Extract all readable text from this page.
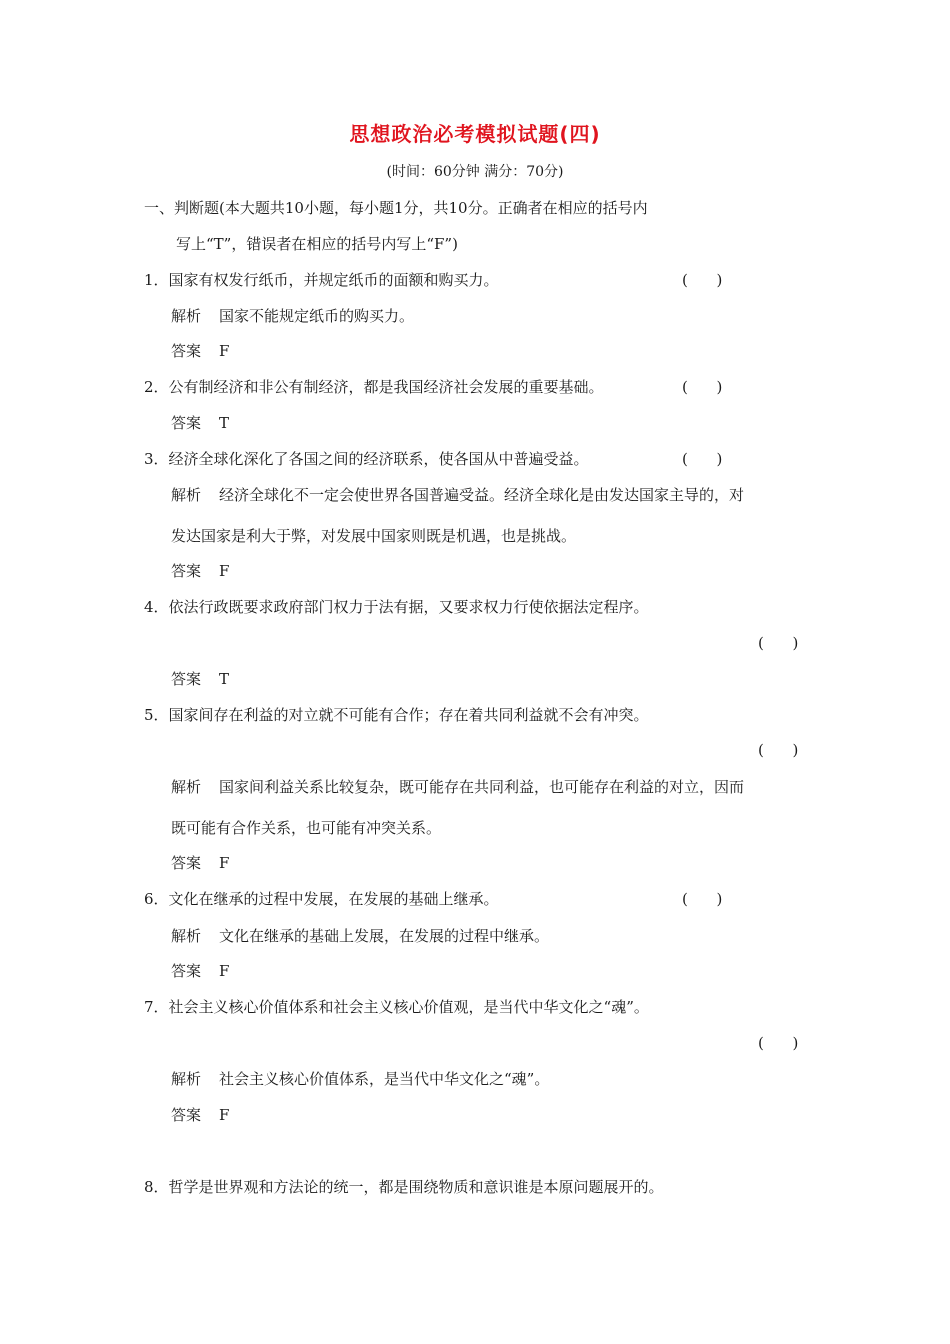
思想政治必考模拟试题(四)
(时间：60分钟 满分：70分)
一、判断题(本大题共10小题，每小题1分，共10分。正确者在相应的括号内
写上“T”，错误者在相应的括号内写上“F”)
1．国家有权发行纸币，并规定纸币的面额和购买力。	(      )
解析 国家不能规定纸币的购买力。
答案 F
2．公有制经济和非公有制经济，都是我国经济社会发展的重要基础。	(      )
答案 T
3．经济全球化深化了各国之间的经济联系，使各国从中普遍受益。	(      )
解析 经济全球化不一定会使世界各国普遍受益。经济全球化是由发达国家主导的，对
发达国家是利大于弊，对发展中国家则既是机遇，也是挑战。
答案 F
4．依法行政既要求政府部门权力于法有据，又要求权力行使依据法定程序。
(      )
答案 T
5．国家间存在利益的对立就不可能有合作；存在着共同利益就不会有冲突。
(      )
解析 国家间利益关系比较复杂，既可能存在共同利益，也可能存在利益的对立，因而
既可能有合作关系，也可能有冲突关系。
答案 F
6．文化在继承的过程中发展，在发展的基础上继承。	(      )
解析 文化在继承的基础上发展，在发展的过程中继承。
答案 F
7．社会主义核心价值体系和社会主义核心价值观，是当代中华文化之“魂”。
(      )
解析 社会主义核心价值体系，是当代中华文化之“魂”。
答案 F
8．哲学是世界观和方法论的统一，都是围绕物质和意识谁是本原问题展开的。
